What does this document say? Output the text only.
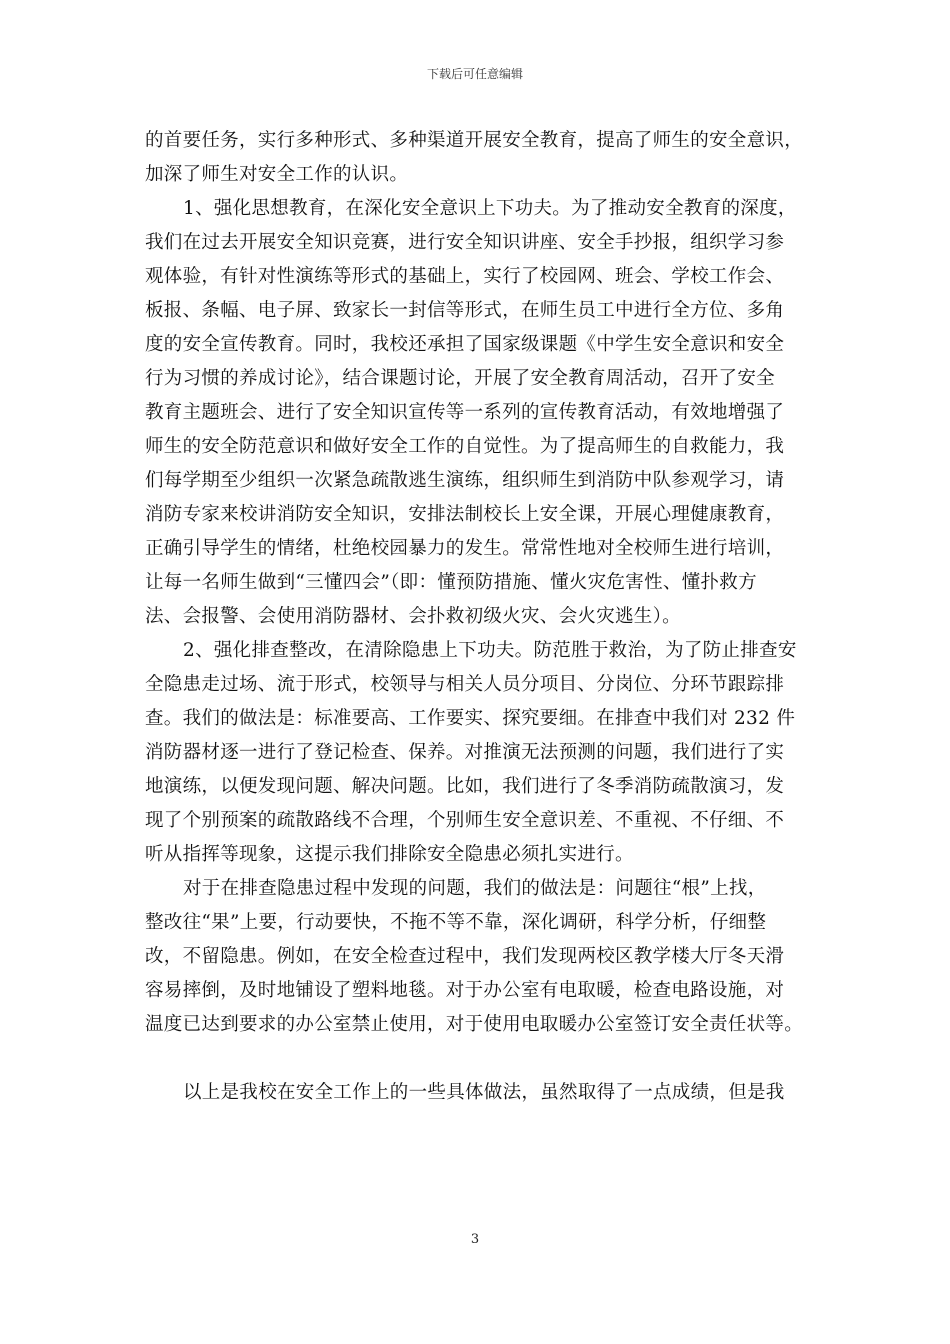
下载后可任意编辑
的首要任务，实行多种形式、多种渠道开展安全教育，提高了师生的安全意识，
加深了师生对安全工作的认识。
1、强化思想教育，在深化安全意识上下功夫。为了推动安全教育的深度，
我们在过去开展安全知识竞赛，进行安全知识讲座、安全手抄报，组织学习参
观体验，有针对性演练等形式的基础上，实行了校园网、班会、学校工作会、
板报、条幅、电子屏、致家长一封信等形式，在师生员工中进行全方位、多角
度的安全宣传教育。同时，我校还承担了国家级课题《中学生安全意识和安全
行为习惯的养成讨论》，结合课题讨论，开展了安全教育周活动，召开了安全
教育主题班会、进行了安全知识宣传等一系列的宣传教育活动，有效地增强了
师生的安全防范意识和做好安全工作的自觉性。为了提高师生的自救能力，我
们每学期至少组织一次紧急疏散逃生演练，组织师生到消防中队参观学习，请
消防专家来校讲消防安全知识，安排法制校长上安全课，开展心理健康教育，
正确引导学生的情绪，杜绝校园暴力的发生。常常性地对全校师生进行培训，
让每一名师生做到“三懂四会”（即：懂预防措施、懂火灾危害性、懂扑救方
法、会报警、会使用消防器材、会扑救初级火灾、会火灾逃生）。
2、强化排查整改，在清除隐患上下功夫。防范胜于救治，为了防止排查安
全隐患走过场、流于形式，校领导与相关人员分项目、分岗位、分环节跟踪排
查。我们的做法是：标准要高、工作要实、探究要细。在排查中我们对 232 件
消防器材逐一进行了登记检查、保养。对推演无法预测的问题，我们进行了实
地演练，以便发现问题、解决问题。比如，我们进行了冬季消防疏散演习，发
现了个别预案的疏散路线不合理，个别师生安全意识差、不重视、不仔细、不
听从指挥等现象，这提示我们排除安全隐患必须扎实进行。
对于在排查隐患过程中发现的问题，我们的做法是：问题往“根”上找，
整改往“果”上要，行动要快，不拖不等不靠，深化调研，科学分析，仔细整
改，不留隐患。例如，在安全检查过程中，我们发现两校区教学楼大厅冬天滑
容易摔倒，及时地铺设了塑料地毯。对于办公室有电取暖，检查电路设施，对
温度已达到要求的办公室禁止使用，对于使用电取暖办公室签订安全责任状等。
以上是我校在安全工作上的一些具体做法，虽然取得了一点成绩，但是我
3
